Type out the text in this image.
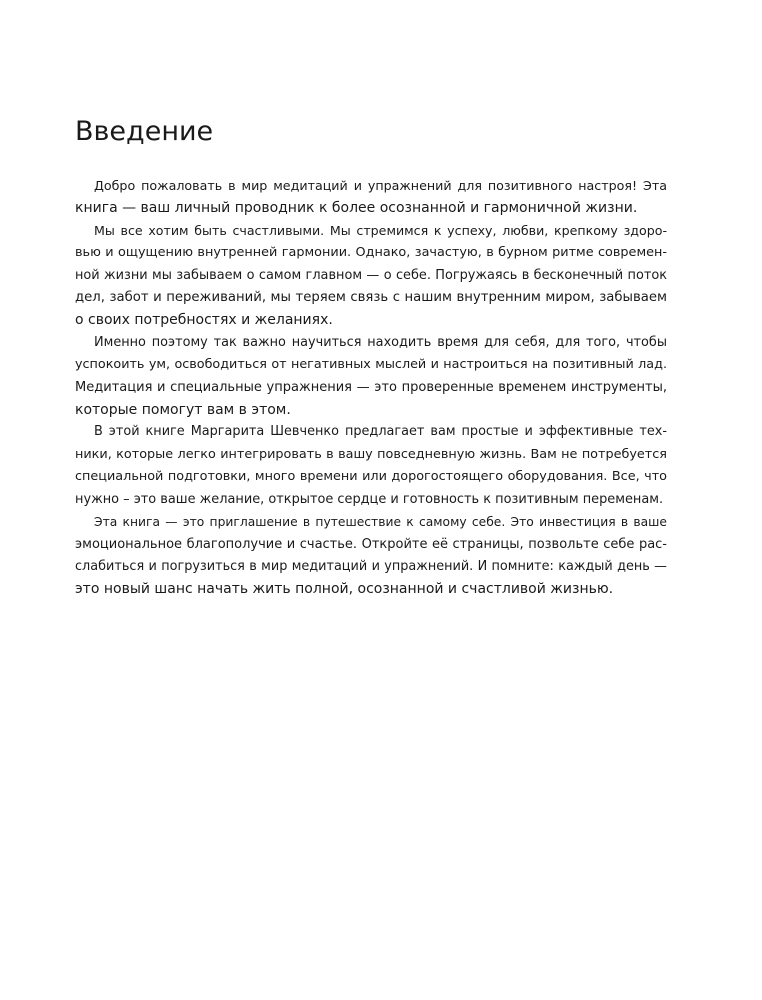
Введение

Добро пожаловать в мир медитаций и упражнений для позитивного настроя! Эта
книга — ваш личный проводник к более осознанной и гармоничной жизни.

Мы все хотим быть счастливыми. Мы стремимся к успеху, любви, крепкому здоро-
вью и ощущению внутренней гармонии. Однако, зачастую, в бурном ритме современ-
ной жизни мы забываем о самом главном — о себе. Погружаясь в бесконечный поток
дел, забот и переживаний, мы теряем связь с нашим внутренним миром, забываем
о своих потребностях и желаниях.

Именно поэтому так важно научиться находить время для себя, для того, чтобы
успокоить ум, освободиться от негативных мыслей и настроиться на позитивный лад.
Медитация и специальные упражнения — это проверенные временем инструменты,
которые помогут вам в этом.

В этой книге Маргарита Шевченко предлагает вам простые и эффективные тех-
ники, которые легко интегрировать в вашу повседневную жизнь. Вам не потребуется
специальной подготовки, много времени или дорогостоящего оборудования. Все, что
нужно – это ваше желание, открытое сердце и готовность к позитивным переменам.

Эта книга — это приглашение в путешествие к самому себе. Это инвестиция в ваше
эмоциональное благополучие и счастье. Откройте её страницы, позвольте себе рас-
слабиться и погрузиться в мир медитаций и упражнений. И помните: каждый день —
это новый шанс начать жить полной, осознанной и счастливой жизнью.
